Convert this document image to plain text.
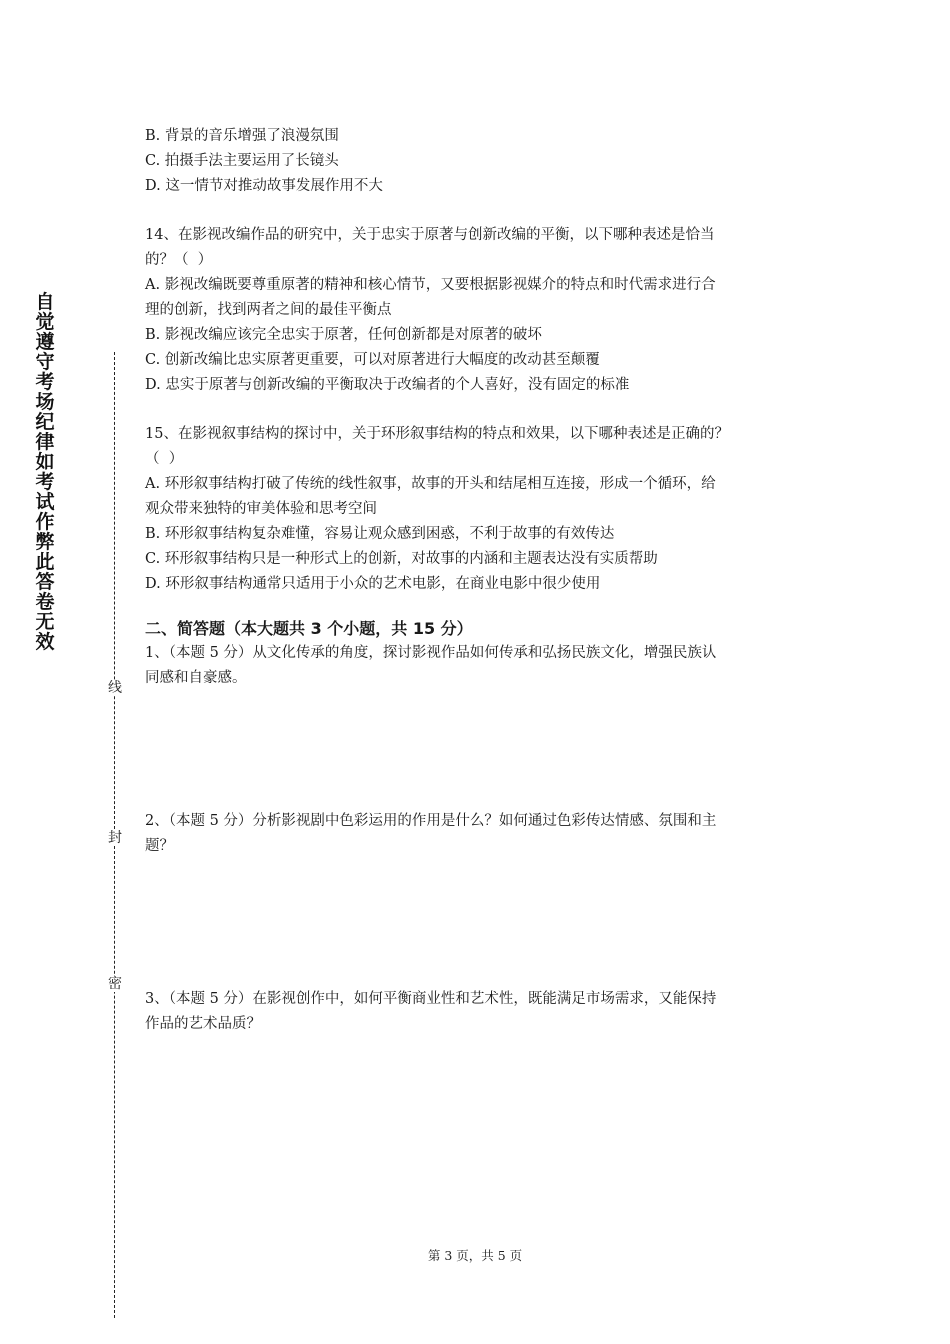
自觉遵守考场纪律如考试作弊此答卷无效
线
封
密
B. 背景的音乐增强了浪漫氛围
C. 拍摄手法主要运用了长镜头
D. 这一情节对推动故事发展作用不大
14、在影视改编作品的研究中，关于忠实于原著与创新改编的平衡，以下哪种表述是恰当
的？（  ）
A. 影视改编既要尊重原著的精神和核心情节，又要根据影视媒介的特点和时代需求进行合
理的创新，找到两者之间的最佳平衡点
B. 影视改编应该完全忠实于原著，任何创新都是对原著的破坏
C. 创新改编比忠实原著更重要，可以对原著进行大幅度的改动甚至颠覆
D. 忠实于原著与创新改编的平衡取决于改编者的个人喜好，没有固定的标准
15、在影视叙事结构的探讨中，关于环形叙事结构的特点和效果，以下哪种表述是正确的？
（  ）
A. 环形叙事结构打破了传统的线性叙事，故事的开头和结尾相互连接，形成一个循环，给
观众带来独特的审美体验和思考空间
B. 环形叙事结构复杂难懂，容易让观众感到困惑，不利于故事的有效传达
C. 环形叙事结构只是一种形式上的创新，对故事的内涵和主题表达没有实质帮助
D. 环形叙事结构通常只适用于小众的艺术电影，在商业电影中很少使用
二、简答题（本大题共 3 个小题，共 15 分）
1、（本题 5 分）从文化传承的角度，探讨影视作品如何传承和弘扬民族文化，增强民族认
同感和自豪感。
2、（本题 5 分）分析影视剧中色彩运用的作用是什么？如何通过色彩传达情感、氛围和主
题？
3、（本题 5 分）在影视创作中，如何平衡商业性和艺术性，既能满足市场需求，又能保持
作品的艺术品质？
第 3 页，共 5 页
